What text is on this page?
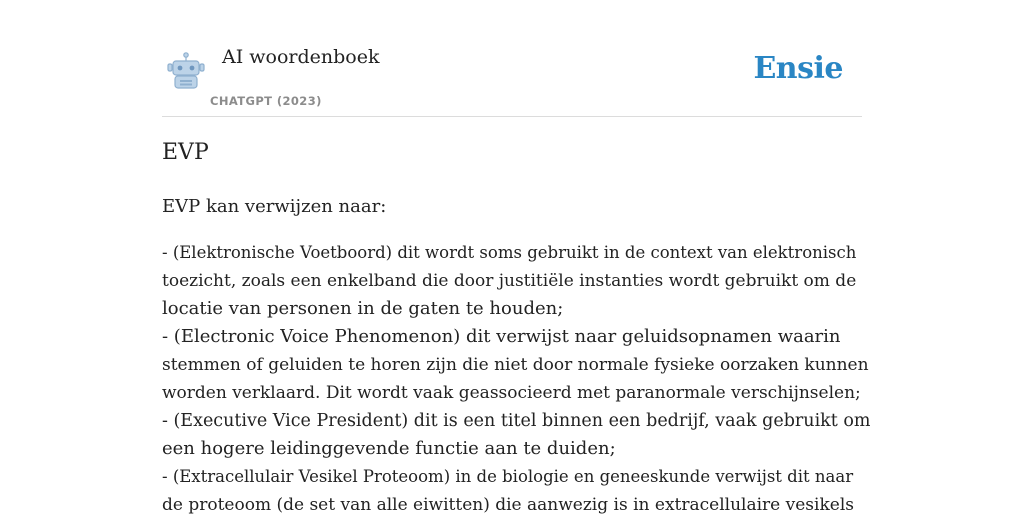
AI woordenboek
CHATGPT (2023)
Ensie
EVP

EVP kan verwijzen naar:

- (Elektronische Voetboord) dit wordt soms gebruikt in de context van elektronisch
toezicht, zoals een enkelband die door justitiële instanties wordt gebruikt om de
locatie van personen in de gaten te houden;
- (Electronic Voice Phenomenon) dit verwijst naar geluidsopnamen waarin
stemmen of geluiden te horen zijn die niet door normale fysieke oorzaken kunnen
worden verklaard. Dit wordt vaak geassocieerd met paranormale verschijnselen;
- (Executive Vice President) dit is een titel binnen een bedrijf, vaak gebruikt om
een hogere leidinggevende functie aan te duiden;
- (Extracellulair Vesikel Proteoom) in de biologie en geneeskunde verwijst dit naar
de proteoom (de set van alle eiwitten) die aanwezig is in extracellulaire vesikels
